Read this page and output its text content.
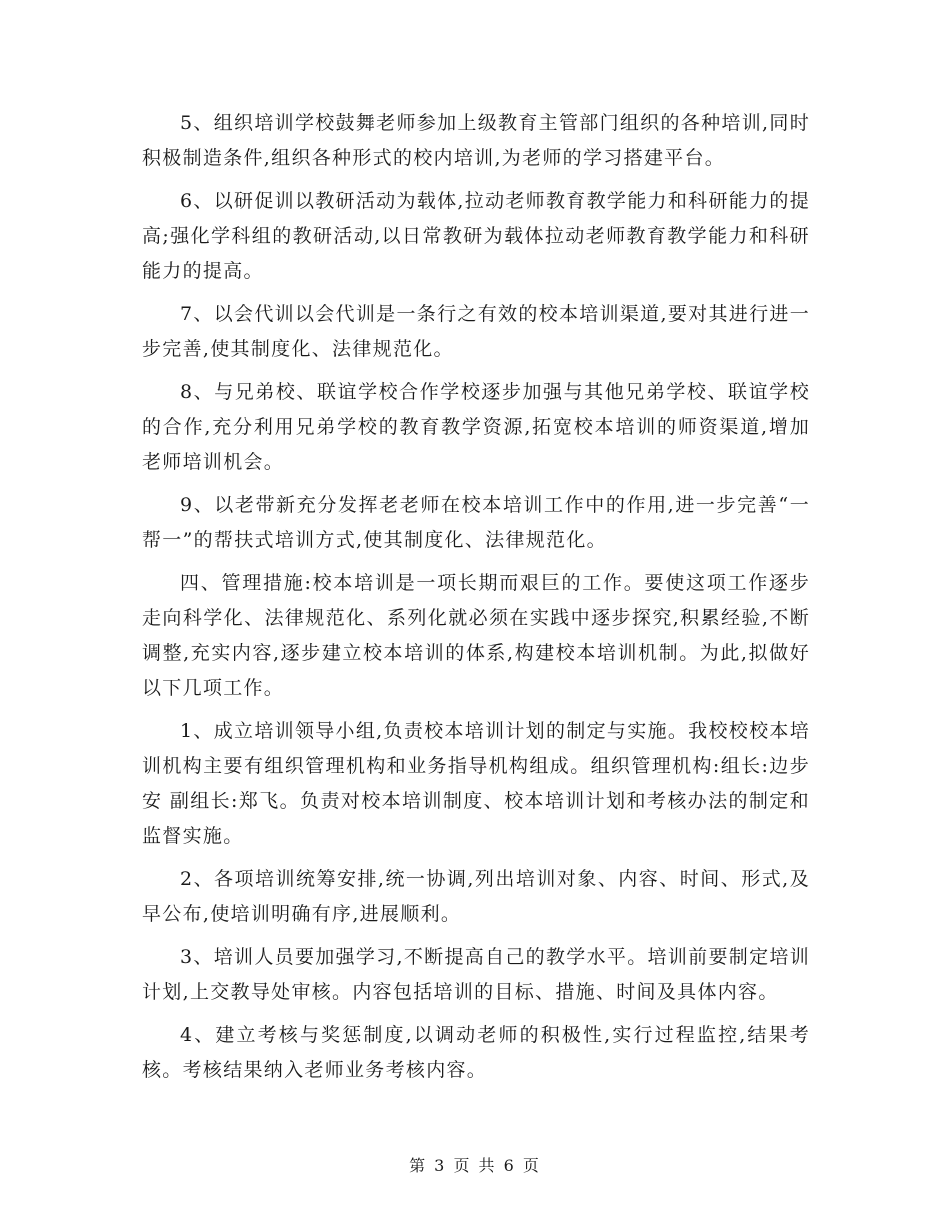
5、组织培训学校鼓舞老师参加上级教育主管部门组织的各种培训,同时积极制造条件,组织各种形式的校内培训,为老师的学习搭建平台。

6、以研促训以教研活动为载体,拉动老师教育教学能力和科研能力的提高;强化学科组的教研活动,以日常教研为载体拉动老师教育教学能力和科研能力的提高。

7、以会代训以会代训是一条行之有效的校本培训渠道,要对其进行进一步完善,使其制度化、法律规范化。

8、与兄弟校、联谊学校合作学校逐步加强与其他兄弟学校、联谊学校的合作,充分利用兄弟学校的教育教学资源,拓宽校本培训的师资渠道,增加老师培训机会。

9、以老带新充分发挥老老师在校本培训工作中的作用,进一步完善“一帮一”的帮扶式培训方式,使其制度化、法律规范化。

四、管理措施:校本培训是一项长期而艰巨的工作。要使这项工作逐步走向科学化、法律规范化、系列化就必须在实践中逐步探究,积累经验,不断调整,充实内容,逐步建立校本培训的体系,构建校本培训机制。为此,拟做好以下几项工作。

1、成立培训领导小组,负责校本培训计划的制定与实施。我校校校本培训机构主要有组织管理机构和业务指导机构组成。组织管理机构:组长:边步安 副组长:郑飞。负责对校本培训制度、校本培训计划和考核办法的制定和监督实施。

2、各项培训统筹安排,统一协调,列出培训对象、内容、时间、形式,及早公布,使培训明确有序,进展顺利。

3、培训人员要加强学习,不断提高自己的教学水平。培训前要制定培训计划,上交教导处审核。内容包括培训的目标、措施、时间及具体内容。

4、建立考核与奖惩制度,以调动老师的积极性,实行过程监控,结果考核。考核结果纳入老师业务考核内容。

第 3 页 共 6 页
